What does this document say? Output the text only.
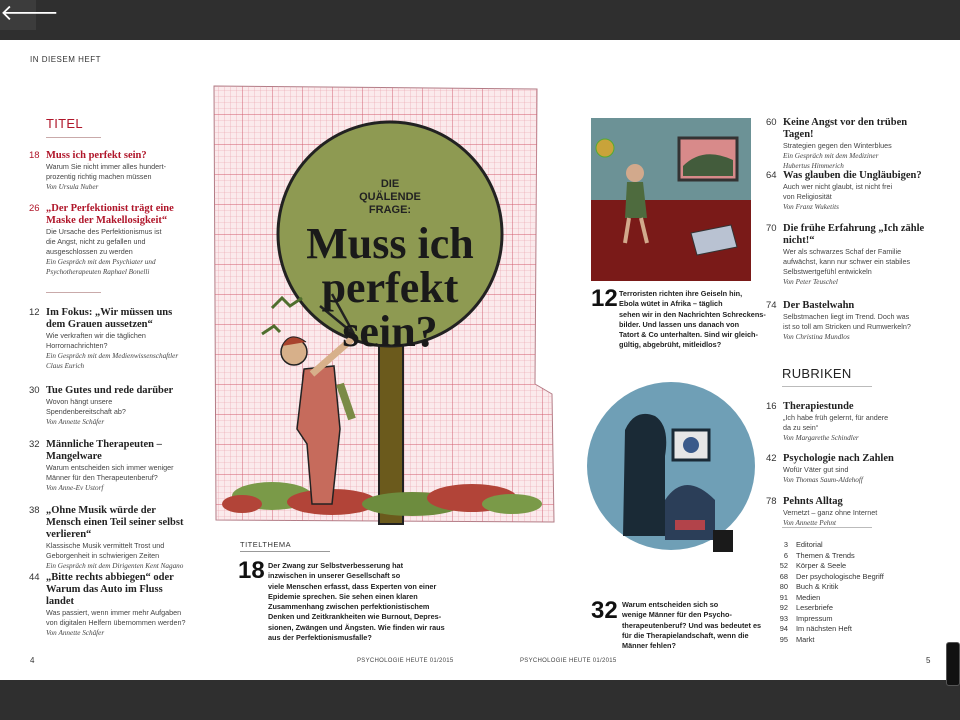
🡐
IN DIESEM HEFT
TITEL
18 Muss ich perfekt sein?
Warum Sie nicht immer alles hundert-
prozentig richtig machen müssen
Von Ursula Nuber
26 „Der Perfektionist trägt eine Maske der Makellosigkeit“
Die Ursache des Perfektionismus ist
die Angst, nicht zu gefallen und
ausgeschlossen zu werden
Ein Gespräch mit dem Psychiater und
Psychotherapeuten Raphael Bonelli
12 Im Fokus: „Wir müssen uns dem Grauen aussetzen“
Wie verkraften wir die täglichen
Horrornachrichten?
Ein Gespräch mit dem Medienwissenschaftler
Claus Eurich
30 Tue Gutes und rede darüber
Wovon hängt unsere
Spendenbereitschaft ab?
Von Annette Schäfer
32 Männliche Therapeuten – Mangelware
Warum entscheiden sich immer weniger
Männer für den Therapeutenberuf?
Von Anne-Ev Ustorf
38 „Ohne Musik würde der Mensch einen Teil seiner selbst verlieren“
Klassische Musik vermittelt Trost und
Geborgenheit in schwierigen Zeiten
Ein Gespräch mit dem Dirigenten Kent Nagano
44 „Bitte rechts abbiegen“ oder Warum das Auto im Fluss landet
Was passiert, wenn immer mehr Aufgaben
von digitalen Helfern übernommen werden?
Von Annette Schäfer
DIE
QUÄLENDE
FRAGE:
Muss ich
perfekt
sein?
TITELTHEMA
18 Der Zwang zur Selbstverbesserung hat
inzwischen in unserer Gesellschaft so
viele Menschen erfasst, dass Experten von einer
Epidemie sprechen. Sie sehen einen klaren
Zusammenhang zwischen perfektionistischem
Denken und Zeitkrankheiten wie Burnout, Depres-
sionen, Zwängen und Ängsten. Wie finden wir raus
aus der Perfektionismusfalle?
12 Terroristen richten ihre Geiseln hin,
Ebola wütet in Afrika – täglich
sehen wir in den Nachrichten Schreckens-
bilder. Und lassen uns danach von
Tatort & Co unterhalten. Sind wir gleich-
gültig, abgebrüht, mitleidlos?
32 Warum entscheiden sich so
wenige Männer für den Psycho-
therapeutenberuf? Und was bedeutet es
für die Therapielandschaft, wenn die
Männer fehlen?
60 Keine Angst vor den trüben Tagen!
Strategien gegen den Winterblues
Ein Gespräch mit dem Mediziner
Hubertus Himmerich
64 Was glauben die Ungläubigen?
Auch wer nicht glaubt, ist nicht frei
von Religiosität
Von Franz Wuketits
70 Die frühe Erfahrung „Ich zähle nicht!“
Wer als schwarzes Schaf der Familie
aufwächst, kann nur schwer ein stabiles
Selbstwertgefühl entwickeln
Von Peter Teuschel
74 Der Bastelwahn
Selbstmachen liegt im Trend. Doch was
ist so toll am Stricken und Rumwerkeln?
Von Christina Mundlos
RUBRIKEN
16 Therapiestunde
„Ich habe früh gelernt, für andere
da zu sein“
Von Margarethe Schindler
42 Psychologie nach Zahlen
Wofür Väter gut sind
Von Thomas Saum-Aldehoff
78 Pehnts Alltag
Vernetzt – ganz ohne Internet
Von Annette Pehnt
3 Editorial
6 Themen & Trends
52 Körper & Seele
68 Der psychologische Begriff
80 Buch & Kritik
91 Medien
92 Leserbriefe
93 Impressum
94 Im nächsten Heft
95 Markt
4	PSYCHOLOGIE HEUTE 01/2015	PSYCHOLOGIE HEUTE 01/2015	5
